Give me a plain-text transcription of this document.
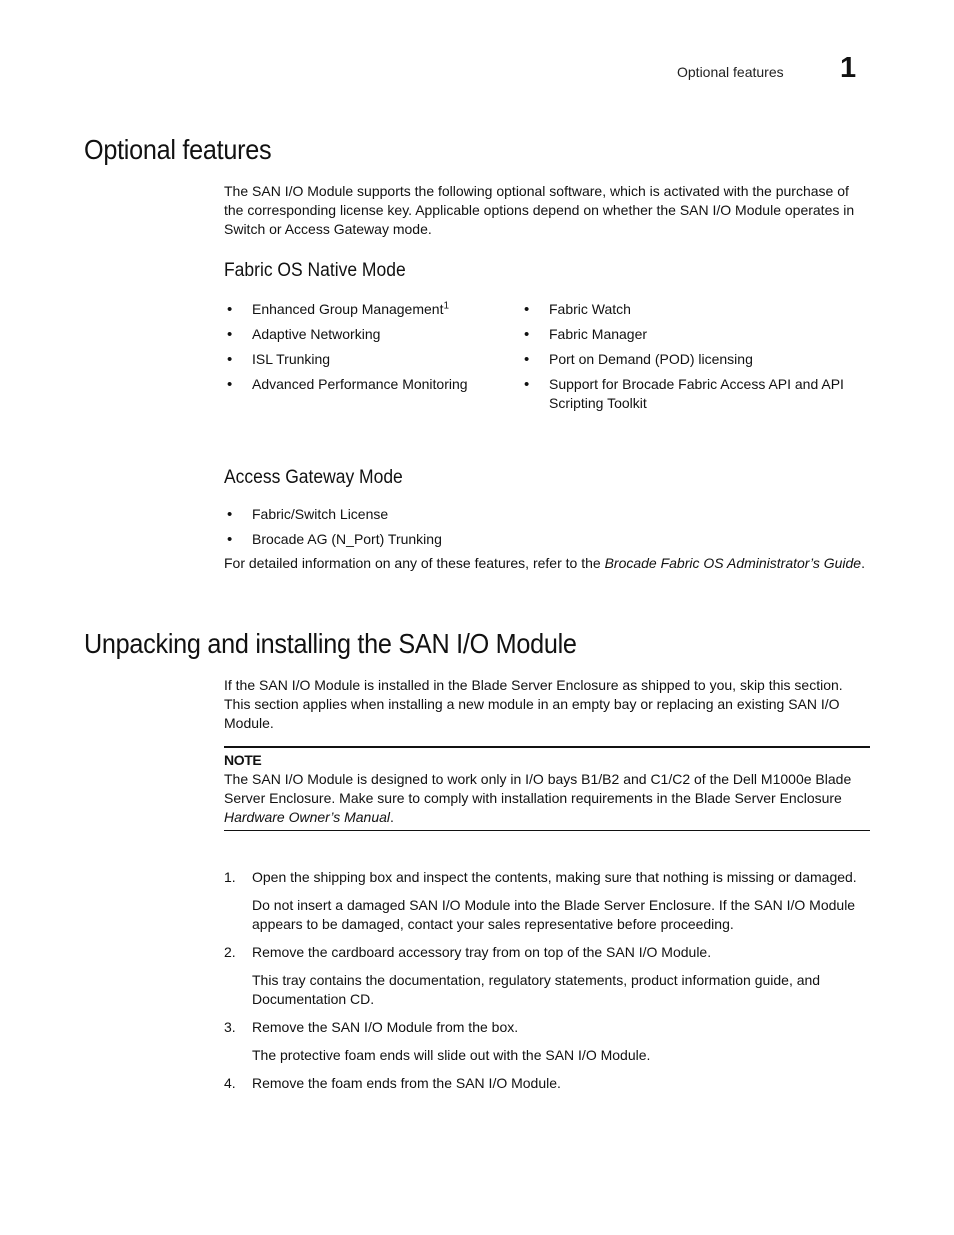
Optional features 1
Optional features

The SAN I/O Module supports the following optional software, which is activated with the purchase of the corresponding license key. Applicable options depend on whether the SAN I/O Module operates in Switch or Access Gateway mode.

Fabric OS Native Mode
• Enhanced Group Management$^1$
• Adaptive Networking
• ISL Trunking
• Advanced Performance Monitoring
• Fabric Watch
• Fabric Manager
• Port on Demand (POD) licensing
• Support for Brocade Fabric Access API and API Scripting Toolkit
Access Gateway Mode
• Fabric/Switch License
• Brocade AG (N_Port) Trunking

For detailed information on any of these features, refer to the Brocade Fabric OS Administrator’s Guide.

Unpacking and installing the SAN I/O Module

If the SAN I/O Module is installed in the Blade Server Enclosure as shipped to you, skip this section. This section applies when installing a new module in an empty bay or replacing an existing SAN I/O Module.

NOTE
The SAN I/O Module is designed to work only in I/O bays B1/B2 and C1/C2 of the Dell M1000e Blade Server Enclosure. Make sure to comply with installation requirements in the Blade Server Enclosure Hardware Owner’s Manual.
1. Open the shipping box and inspect the contents, making sure that nothing is missing or damaged.
Do not insert a damaged SAN I/O Module into the Blade Server Enclosure. If the SAN I/O Module appears to be damaged, contact your sales representative before proceeding.
2. Remove the cardboard accessory tray from on top of the SAN I/O Module.
This tray contains the documentation, regulatory statements, product information guide, and Documentation CD.
3. Remove the SAN I/O Module from the box.
The protective foam ends will slide out with the SAN I/O Module.
4. Remove the foam ends from the SAN I/O Module.
